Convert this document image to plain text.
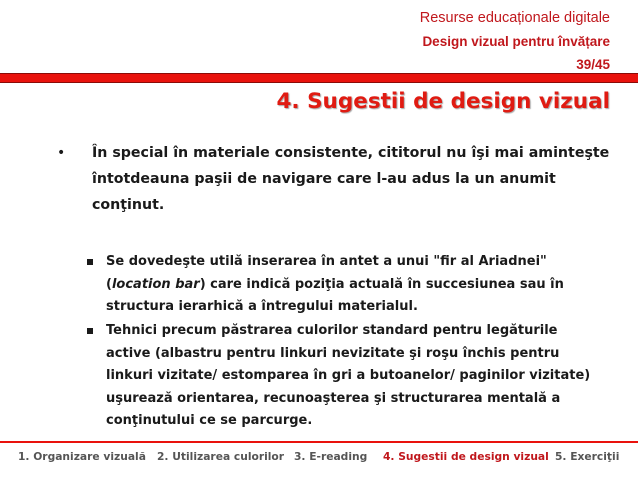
Resurse educaționale digitale
Design vizual pentru învățare
39/45
4. Sugestii de design vizual
• În special în materiale consistente, cititorul nu îşi mai aminteşte întotdeauna paşii de navigare care l-au adus la un anumit conţinut.
Se dovedeşte utilă inserarea în antet a unui "fir al Ariadnei" (location bar) care indică poziţia actuală în succesiunea sau în structura ierarhică a întregului materialul.
Tehnici precum păstrarea culorilor standard pentru legăturile active (albastru pentru linkuri nevizitate şi roşu închis pentru linkuri vizitate/ estomparea în gri a butoanelor/ paginilor vizitate) uşurează orientarea, recunoaşterea şi structurarea mentală a conţinutului ce se parcurge.
1. Organizare vizuală 2. Utilizarea culorilor 3. E-reading 4. Sugestii de design vizual 5. Exerciţii
